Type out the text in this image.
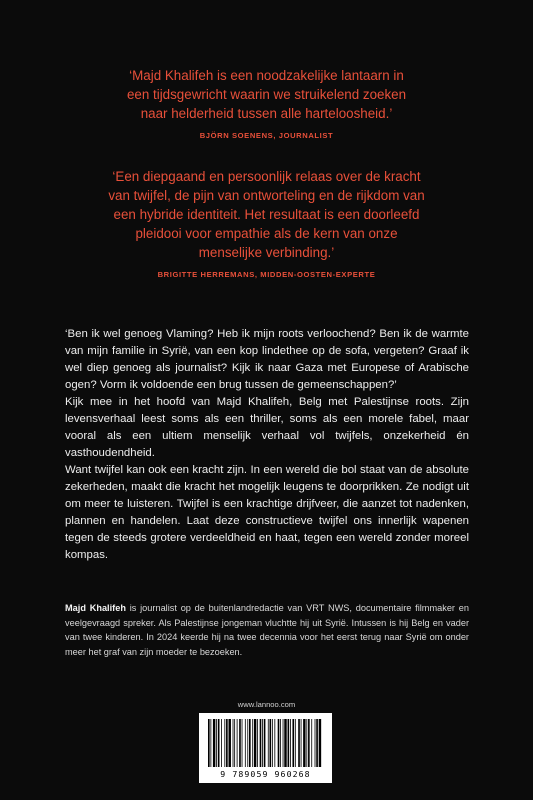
‘Majd Khalifeh is een noodzakelijke lantaarn in
een tijdsgewricht waarin we struikelend zoeken
naar helderheid tussen alle harteloosheid.’
BJÖRN SOENENS, JOURNALIST
‘Een diepgaand en persoonlijk relaas over de kracht
van twijfel, de pijn van ontworteling en de rijkdom van
een hybride identiteit. Het resultaat is een doorleefd
pleidooi voor empathie als de kern van onze
menselijke verbinding.’
BRIGITTE HERREMANS, MIDDEN-OOSTEN-EXPERTE

‘Ben ik wel genoeg Vlaming? Heb ik mijn roots verloochend? Ben ik de warmte van mijn familie in Syrië, van een kop lindethee op de sofa, vergeten? Graaf ik wel diep genoeg als journalist? Kijk ik naar Gaza met Europese of Arabische ogen? Vorm ik voldoende een brug tussen de gemeenschappen?’

Kijk mee in het hoofd van Majd Khalifeh, Belg met Palestijnse roots. Zijn levensverhaal leest soms als een thriller, soms als een morele fabel, maar vooral als een ultiem menselijk verhaal vol twijfels, onzekerheid én vasthoudendheid.

Want twijfel kan ook een kracht zijn. In een wereld die bol staat van de absolute zekerheden, maakt die kracht het mogelijk leugens te doorprikken. Ze nodigt uit om meer te luisteren. Twijfel is een krachtige drijfveer, die aanzet tot nadenken, plannen en handelen. Laat deze constructieve twijfel ons innerlijk wapenen tegen de steeds grotere verdeeldheid en haat, tegen een wereld zonder moreel kompas.

Majd Khalifeh is journalist op de buitenlandredactie van VRT NWS, documentaire filmmaker en veelgevraagd spreker. Als Palestijnse jongeman vluchtte hij uit Syrië. Intussen is hij Belg en vader van twee kinderen. In 2024 keerde hij na twee decennia voor het eerst terug naar Syrië om onder meer het graf van zijn moeder te bezoeken.

www.lannoo.com
9 789059 960268
